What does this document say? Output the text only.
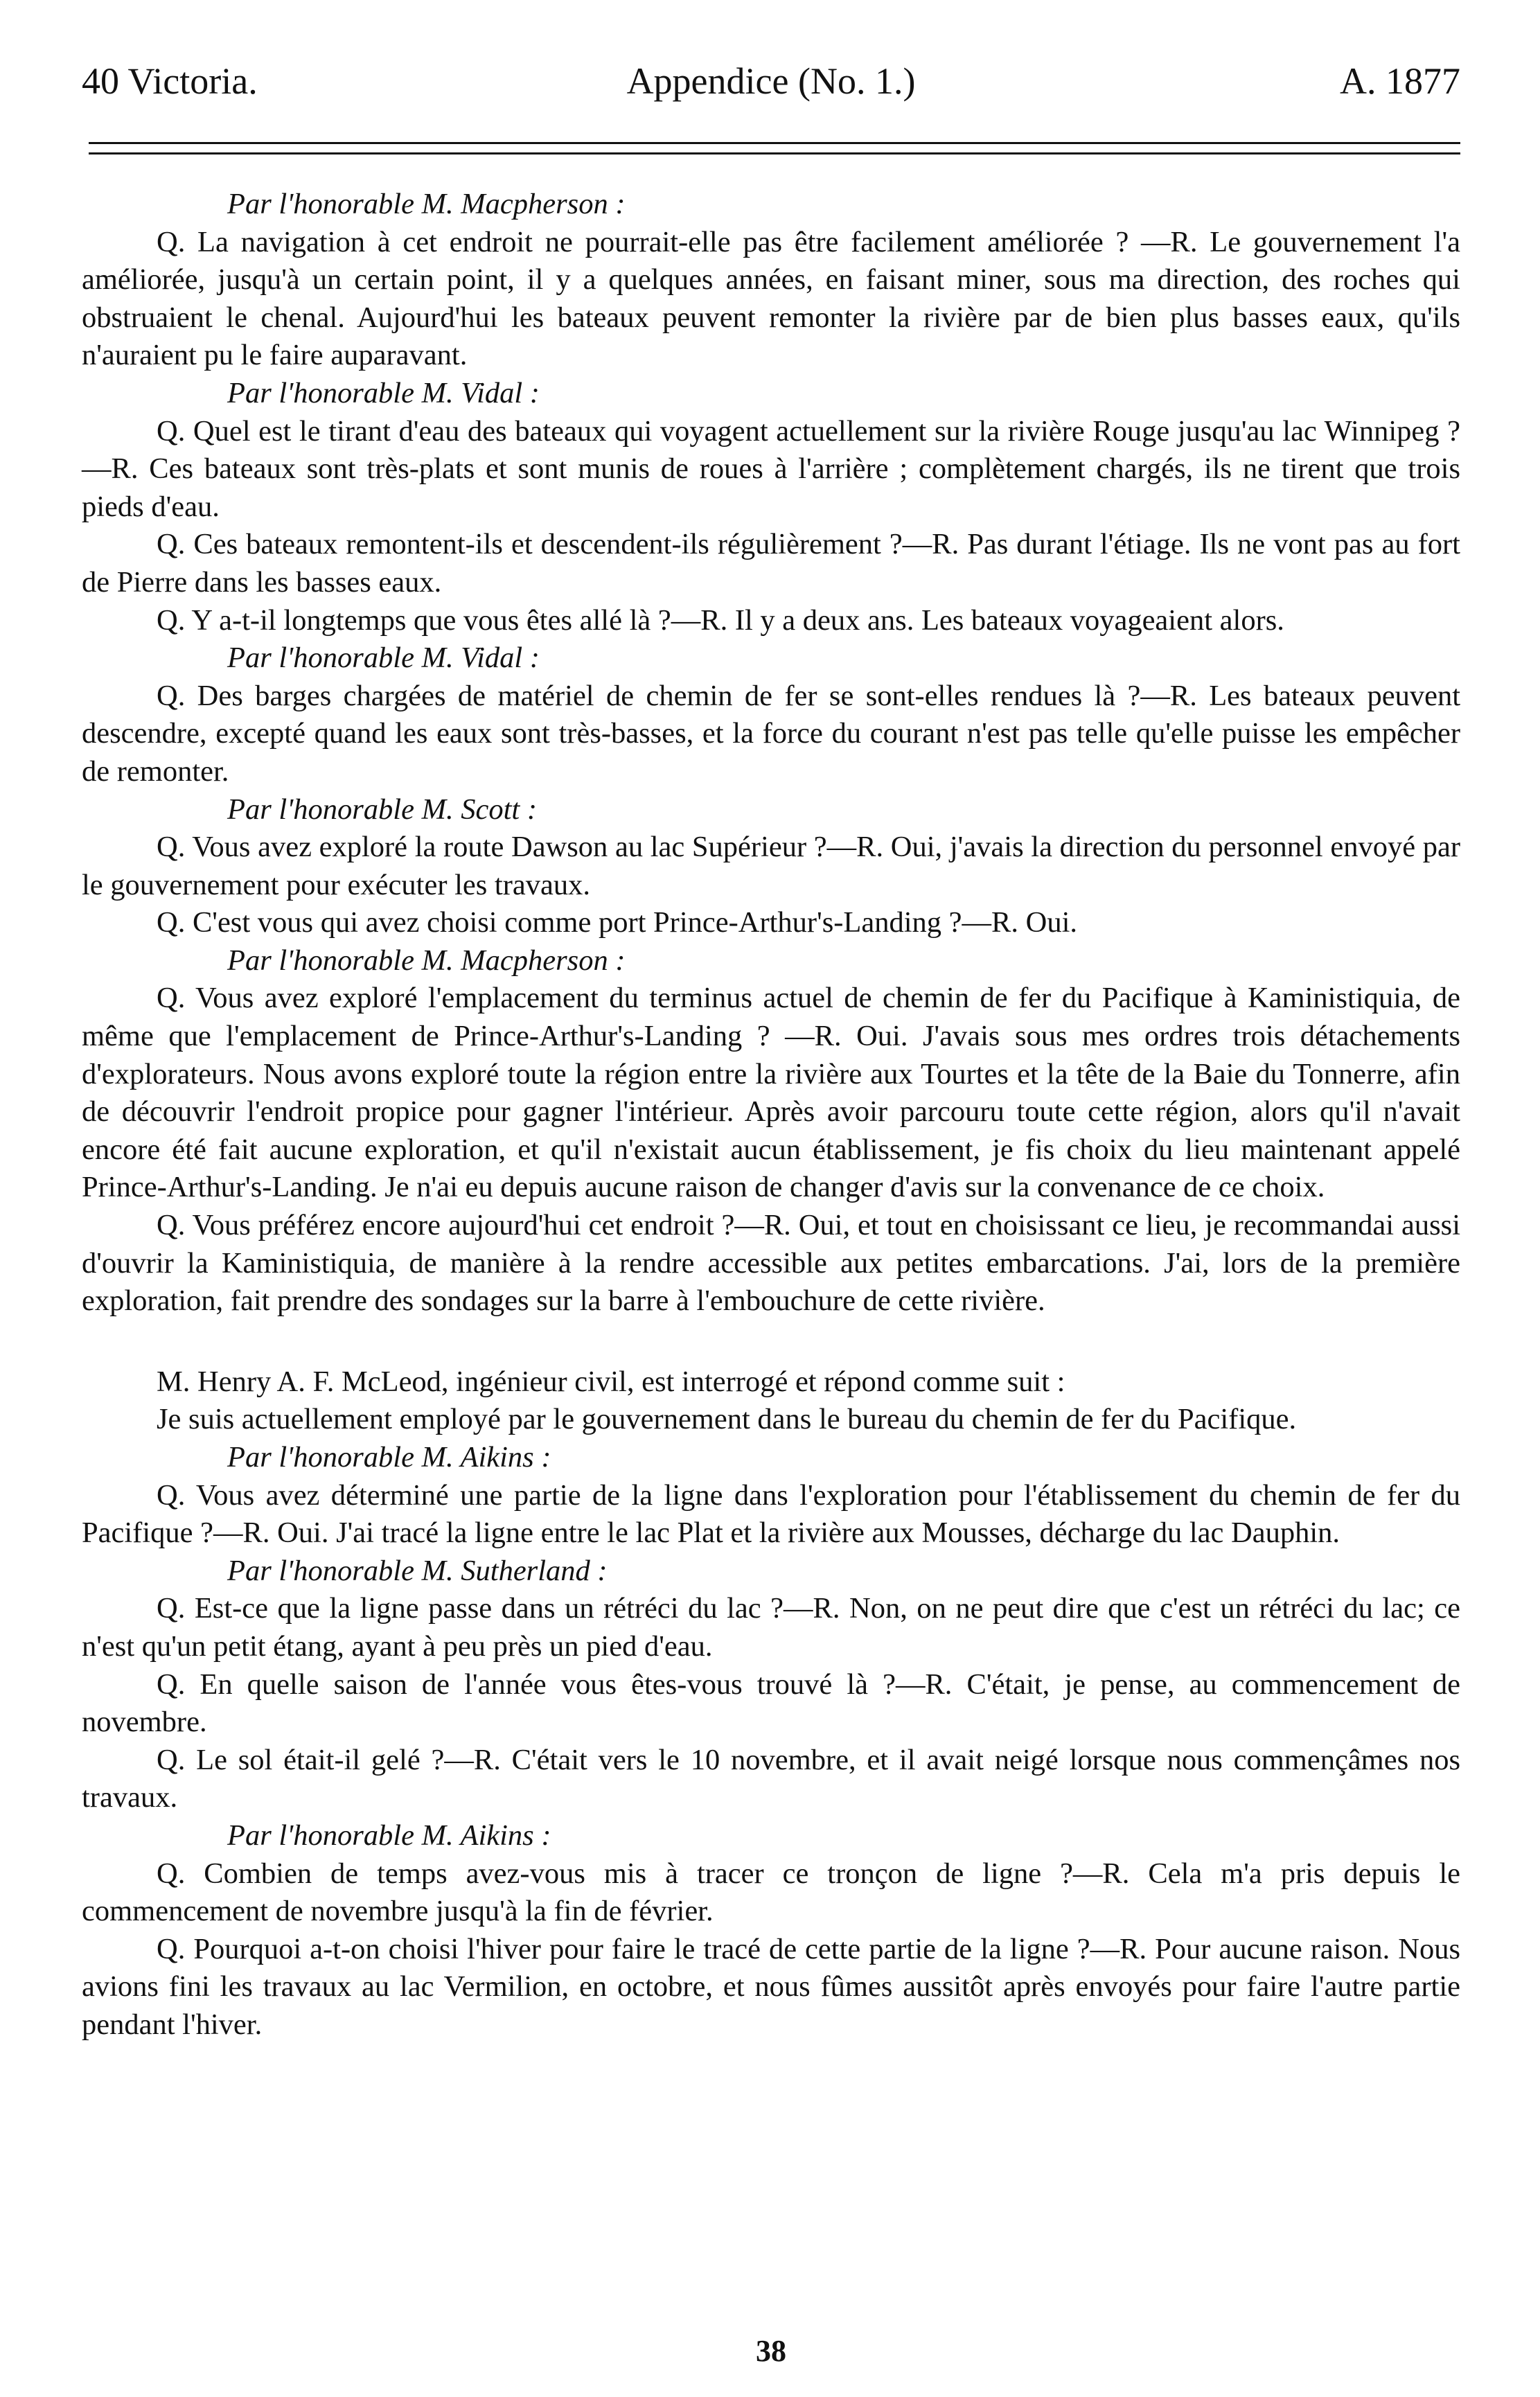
40 Victoria.	Appendice (No. 1.)	A. 1877

Par l'honorable M. Macpherson :

Q. La navigation à cet endroit ne pourrait-elle pas être facilement améliorée ? —R. Le gouvernement l'a améliorée, jusqu'à un certain point, il y a quelques années, en faisant miner, sous ma direction, des roches qui obstruaient le chenal. Aujourd'hui les bateaux peuvent remonter la rivière par de bien plus basses eaux, qu'ils n'auraient pu le faire auparavant.

Par l'honorable M. Vidal :

Q. Quel est le tirant d'eau des bateaux qui voyagent actuellement sur la rivière Rouge jusqu'au lac Winnipeg ?—R. Ces bateaux sont très-plats et sont munis de roues à l'arrière ; complètement chargés, ils ne tirent que trois pieds d'eau.

Q. Ces bateaux remontent-ils et descendent-ils régulièrement ?—R. Pas durant l'étiage. Ils ne vont pas au fort de Pierre dans les basses eaux.

Q. Y a-t-il longtemps que vous êtes allé là ?—R. Il y a deux ans. Les bateaux voyageaient alors.

Par l'honorable M. Vidal :

Q. Des barges chargées de matériel de chemin de fer se sont-elles rendues là ?—R. Les bateaux peuvent descendre, excepté quand les eaux sont très-basses, et la force du courant n'est pas telle qu'elle puisse les empêcher de remonter.

Par l'honorable M. Scott :

Q. Vous avez exploré la route Dawson au lac Supérieur ?—R. Oui, j'avais la direction du personnel envoyé par le gouvernement pour exécuter les travaux.

Q. C'est vous qui avez choisi comme port Prince-Arthur's-Landing ?—R. Oui.

Par l'honorable M. Macpherson :

Q. Vous avez exploré l'emplacement du terminus actuel de chemin de fer du Pacifique à Kaministiquia, de même que l'emplacement de Prince-Arthur's-Landing ? —R. Oui. J'avais sous mes ordres trois détachements d'explorateurs. Nous avons exploré toute la région entre la rivière aux Tourtes et la tête de la Baie du Tonnerre, afin de découvrir l'endroit propice pour gagner l'intérieur. Après avoir parcouru toute cette région, alors qu'il n'avait encore été fait aucune exploration, et qu'il n'existait aucun établissement, je fis choix du lieu maintenant appelé Prince-Arthur's-Landing. Je n'ai eu depuis aucune raison de changer d'avis sur la convenance de ce choix.

Q. Vous préférez encore aujourd'hui cet endroit ?—R. Oui, et tout en choisissant ce lieu, je recommandai aussi d'ouvrir la Kaministiquia, de manière à la rendre accessible aux petites embarcations. J'ai, lors de la première exploration, fait prendre des sondages sur la barre à l'embouchure de cette rivière.

M. Henry A. F. McLeod, ingénieur civil, est interrogé et répond comme suit :

Je suis actuellement employé par le gouvernement dans le bureau du chemin de fer du Pacifique.

Par l'honorable M. Aikins :

Q. Vous avez déterminé une partie de la ligne dans l'exploration pour l'établissement du chemin de fer du Pacifique ?—R. Oui. J'ai tracé la ligne entre le lac Plat et la rivière aux Mousses, décharge du lac Dauphin.

Par l'honorable M. Sutherland :

Q. Est-ce que la ligne passe dans un rétréci du lac ?—R. Non, on ne peut dire que c'est un rétréci du lac; ce n'est qu'un petit étang, ayant à peu près un pied d'eau.

Q. En quelle saison de l'année vous êtes-vous trouvé là ?—R. C'était, je pense, au commencement de novembre.

Q. Le sol était-il gelé ?—R. C'était vers le 10 novembre, et il avait neigé lorsque nous commençâmes nos travaux.

Par l'honorable M. Aikins :

Q. Combien de temps avez-vous mis à tracer ce tronçon de ligne ?—R. Cela m'a pris depuis le commencement de novembre jusqu'à la fin de février.

Q. Pourquoi a-t-on choisi l'hiver pour faire le tracé de cette partie de la ligne ?—R. Pour aucune raison. Nous avions fini les travaux au lac Vermilion, en octobre, et nous fûmes aussitôt après envoyés pour faire l'autre partie pendant l'hiver.

38
